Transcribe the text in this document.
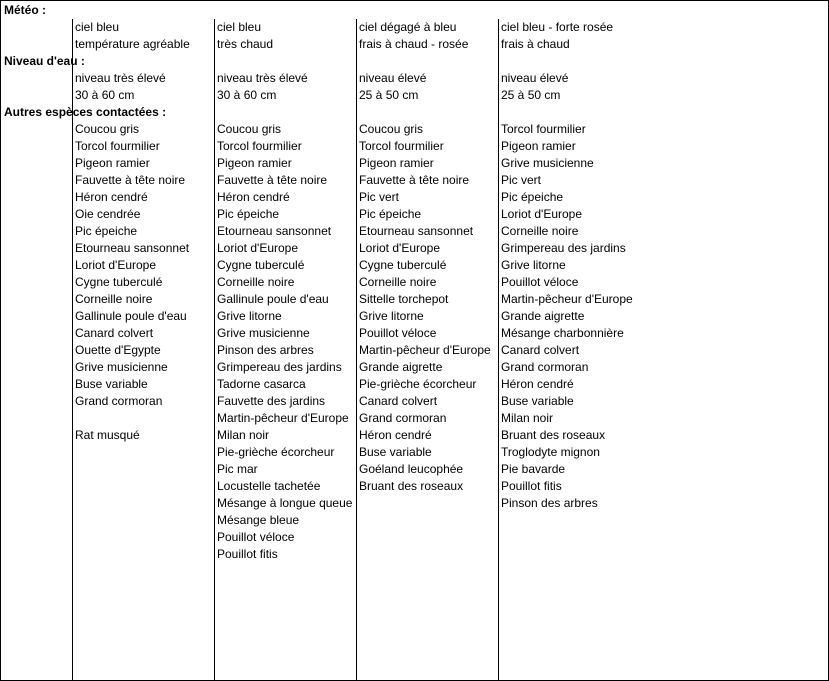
Météo :
Niveau d'eau :
Autres espèces contactées :
ciel bleu
température agréable
ciel bleu
très chaud
ciel dégagé à bleu
frais à chaud - rosée
ciel bleu - forte rosée
frais à chaud
niveau très élevé
30 à 60 cm
niveau très élevé
30 à 60 cm
niveau élevé
25 à 50 cm
niveau élevé
25 à 50 cm
Coucou gris
Torcol fourmilier
Pigeon ramier
Fauvette à tête noire
Héron cendré
Oie cendrée
Pic épeiche
Etourneau sansonnet
Loriot d'Europe
Cygne tuberculé
Corneille noire
Gallinule poule d'eau
Canard colvert
Ouette d'Egypte
Grive musicienne
Buse variable
Grand cormoran
Rat musqué
Coucou gris
Torcol fourmilier
Pigeon ramier
Fauvette à tête noire
Héron cendré
Pic épeiche
Etourneau sansonnet
Loriot d'Europe
Cygne tuberculé
Corneille noire
Gallinule poule d'eau
Grive litorne
Grive musicienne
Pinson des arbres
Grimpereau des jardins
Tadorne casarca
Fauvette des jardins
Martin-pêcheur d'Europe
Milan noir
Pie-grièche écorcheur
Pic mar
Locustelle tachetée
Mésange à longue queue
Mésange bleue
Pouillot véloce
Pouillot fitis
Coucou gris
Torcol fourmilier
Pigeon ramier
Fauvette à tête noire
Pic vert
Pic épeiche
Etourneau sansonnet
Loriot d'Europe
Cygne tuberculé
Corneille noire
Sittelle torchepot
Grive litorne
Pouillot véloce
Martin-pêcheur d'Europe
Grande aigrette
Pie-grièche écorcheur
Canard colvert
Grand cormoran
Héron cendré
Buse variable
Goéland leucophée
Bruant des roseaux
Torcol fourmilier
Pigeon ramier
Grive musicienne
Pic vert
Pic épeiche
Loriot d'Europe
Corneille noire
Grimpereau des jardins
Grive litorne
Pouillot véloce
Martin-pêcheur d'Europe
Grande aigrette
Mésange charbonnière
Canard colvert
Grand cormoran
Héron cendré
Buse variable
Milan noir
Bruant des roseaux
Troglodyte mignon
Pie bavarde
Pouillot fitis
Pinson des arbres
